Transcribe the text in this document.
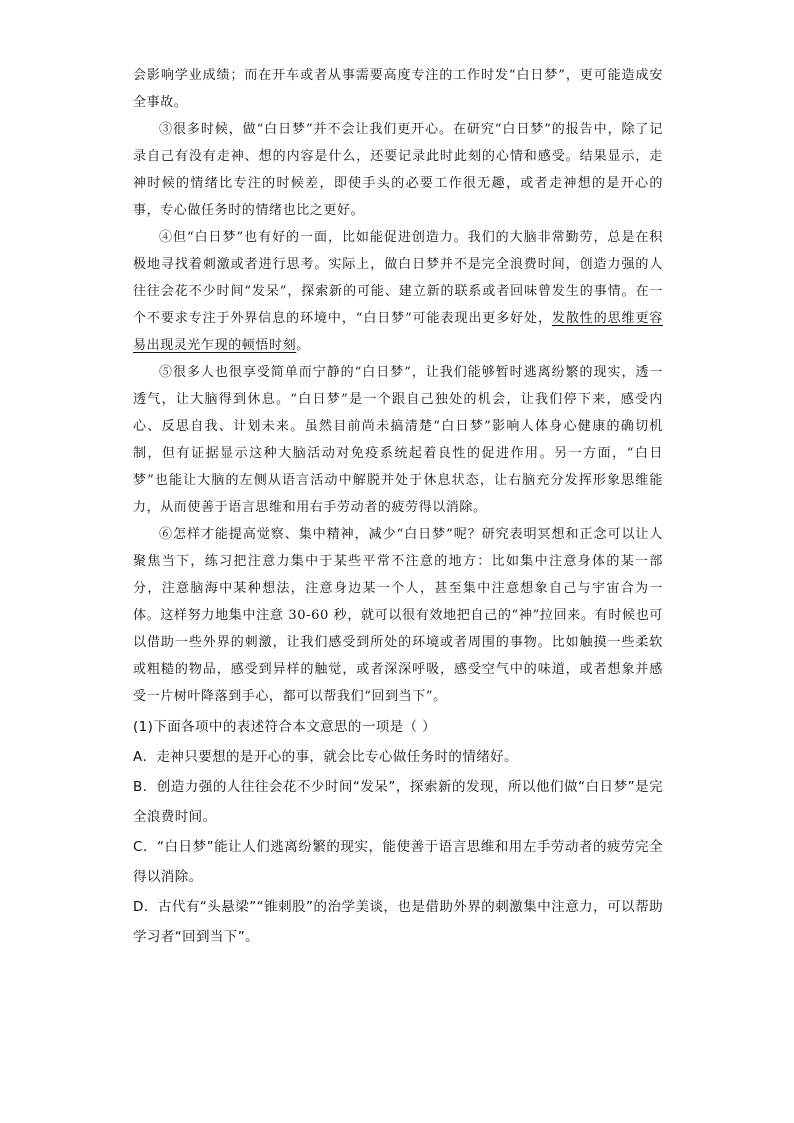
会影响学业成绩；而在开车或者从事需要高度专注的工作时发“白日梦”，更可能造成安全事故。

③很多时候，做“白日梦”并不会让我们更开心。在研究“白日梦”的报告中，除了记录自己有没有走神、想的内容是什么，还要记录此时此刻的心情和感受。结果显示，走神时候的情绪比专注的时候差，即使手头的必要工作很无趣，或者走神想的是开心的事，专心做任务时的情绪也比之更好。

④但“白日梦”也有好的一面，比如能促进创造力。我们的大脑非常勤劳，总是在积极地寻找着刺激或者进行思考。实际上，做白日梦并不是完全浪费时间，创造力强的人往往会花不少时间“发呆”，探索新的可能、建立新的联系或者回味曾发生的事情。在一个不要求专注于外界信息的环境中，“白日梦”可能表现出更多好处，发散性的思维更容易出现灵光乍现的顿悟时刻。

⑤很多人也很享受简单而宁静的“白日梦”，让我们能够暂时逃离纷繁的现实，透一透气，让大脑得到休息。“白日梦”是一个跟自己独处的机会，让我们停下来，感受内心、反思自我、计划未来。虽然目前尚未搞清楚“白日梦”影响人体身心健康的确切机制，但有证据显示这种大脑活动对免疫系统起着良性的促进作用。另一方面，“白日梦”也能让大脑的左侧从语言活动中解脱并处于休息状态，让右脑充分发挥形象思维能力，从而使善于语言思维和用右手劳动者的疲劳得以消除。

⑥怎样才能提高觉察、集中精神，减少“白日梦”呢？研究表明冥想和正念可以让人聚焦当下，练习把注意力集中于某些平常不注意的地方：比如集中注意身体的某一部分，注意脑海中某种想法，注意身边某一个人，甚至集中注意想象自己与宇宙合为一体。这样努力地集中注意 30-60 秒，就可以很有效地把自己的“神”拉回来。有时候也可以借助一些外界的刺激，让我们感受到所处的环境或者周围的事物。比如触摸一些柔软或粗糙的物品，感受到异样的触觉，或者深深呼吸，感受空气中的味道，或者想象并感受一片树叶降落到手心，都可以帮我们“回到当下”。

(1)下面各项中的表述符合本文意思的一项是（ ）

A．走神只要想的是开心的事，就会比专心做任务时的情绪好。

B．创造力强的人往往会花不少时间“发呆”，探索新的发现，所以他们做“白日梦”是完全浪费时间。

C．“白日梦”能让人们逃离纷繁的现实，能使善于语言思维和用左手劳动者的疲劳完全得以消除。

D．古代有“头悬梁”“锥刺股”的治学美谈，也是借助外界的刺激集中注意力，可以帮助学习者“回到当下”。
